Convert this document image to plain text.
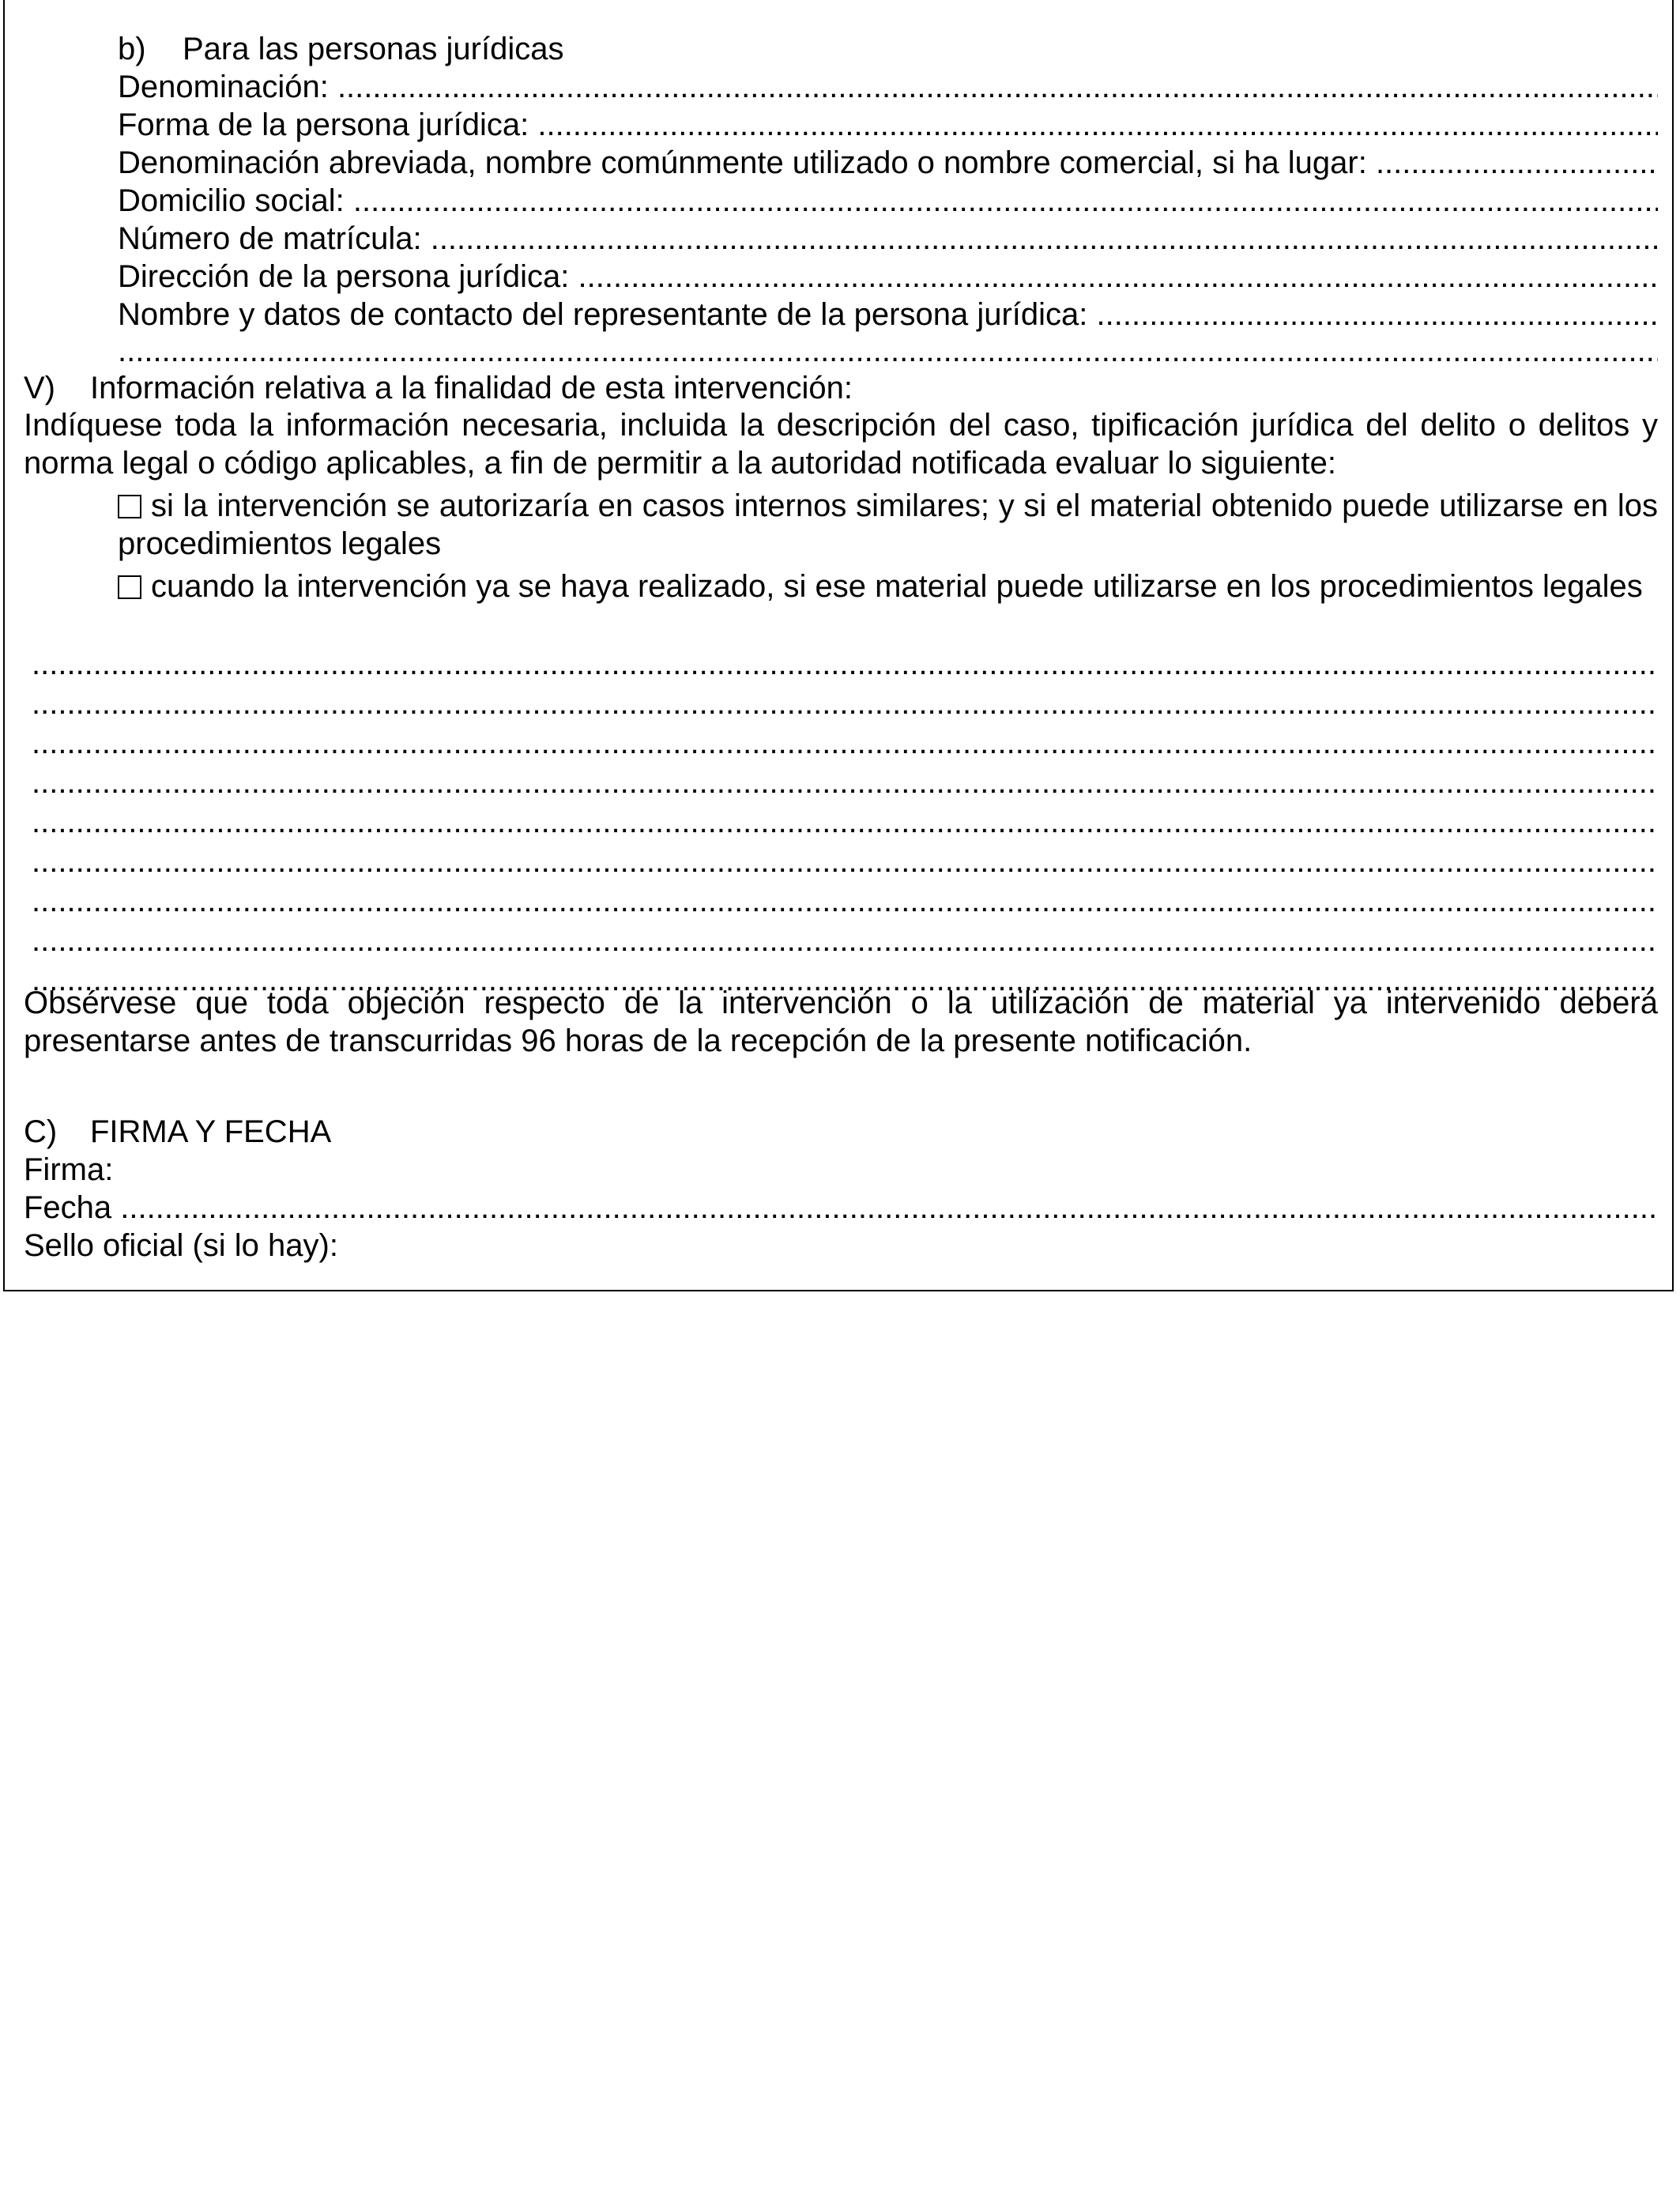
b) Para las personas jurídicas
Denominación:
.....
Forma de la persona jurídica:
.....
Denominación abreviada, nombre comúnmente utilizado o nombre comercial, si ha lugar:
.....
Domicilio social:
.....
Número de matrícula:
.....
Dirección de la persona jurídica:
.....
Nombre y datos de contacto del representante de la persona jurídica:
.....
.....
V) Información relativa a la finalidad de esta intervención:
Indíquese toda la información necesaria, incluida la descripción del caso, tipificación jurídica del delito o delitos y norma legal o código aplicables, a fin de permitir a la autoridad notificada evaluar lo siguiente:
si la intervención se autorizaría en casos internos similares; y si el material obtenido puede utilizarse en los procedimientos legales
cuando la intervención ya se haya realizado, si ese material puede utilizarse en los procedimientos legales
.....
.....
.....
.....
.....
.....
.....
.....
.....
Obsérvese que toda objeción respecto de la intervención o la utilización de material ya intervenido deberá presentarse antes de transcurridas 96 horas de la recepción de la presente notificación.
C) FIRMA Y FECHA
Firma:
Fecha
.....
Sello oficial (si lo hay):
